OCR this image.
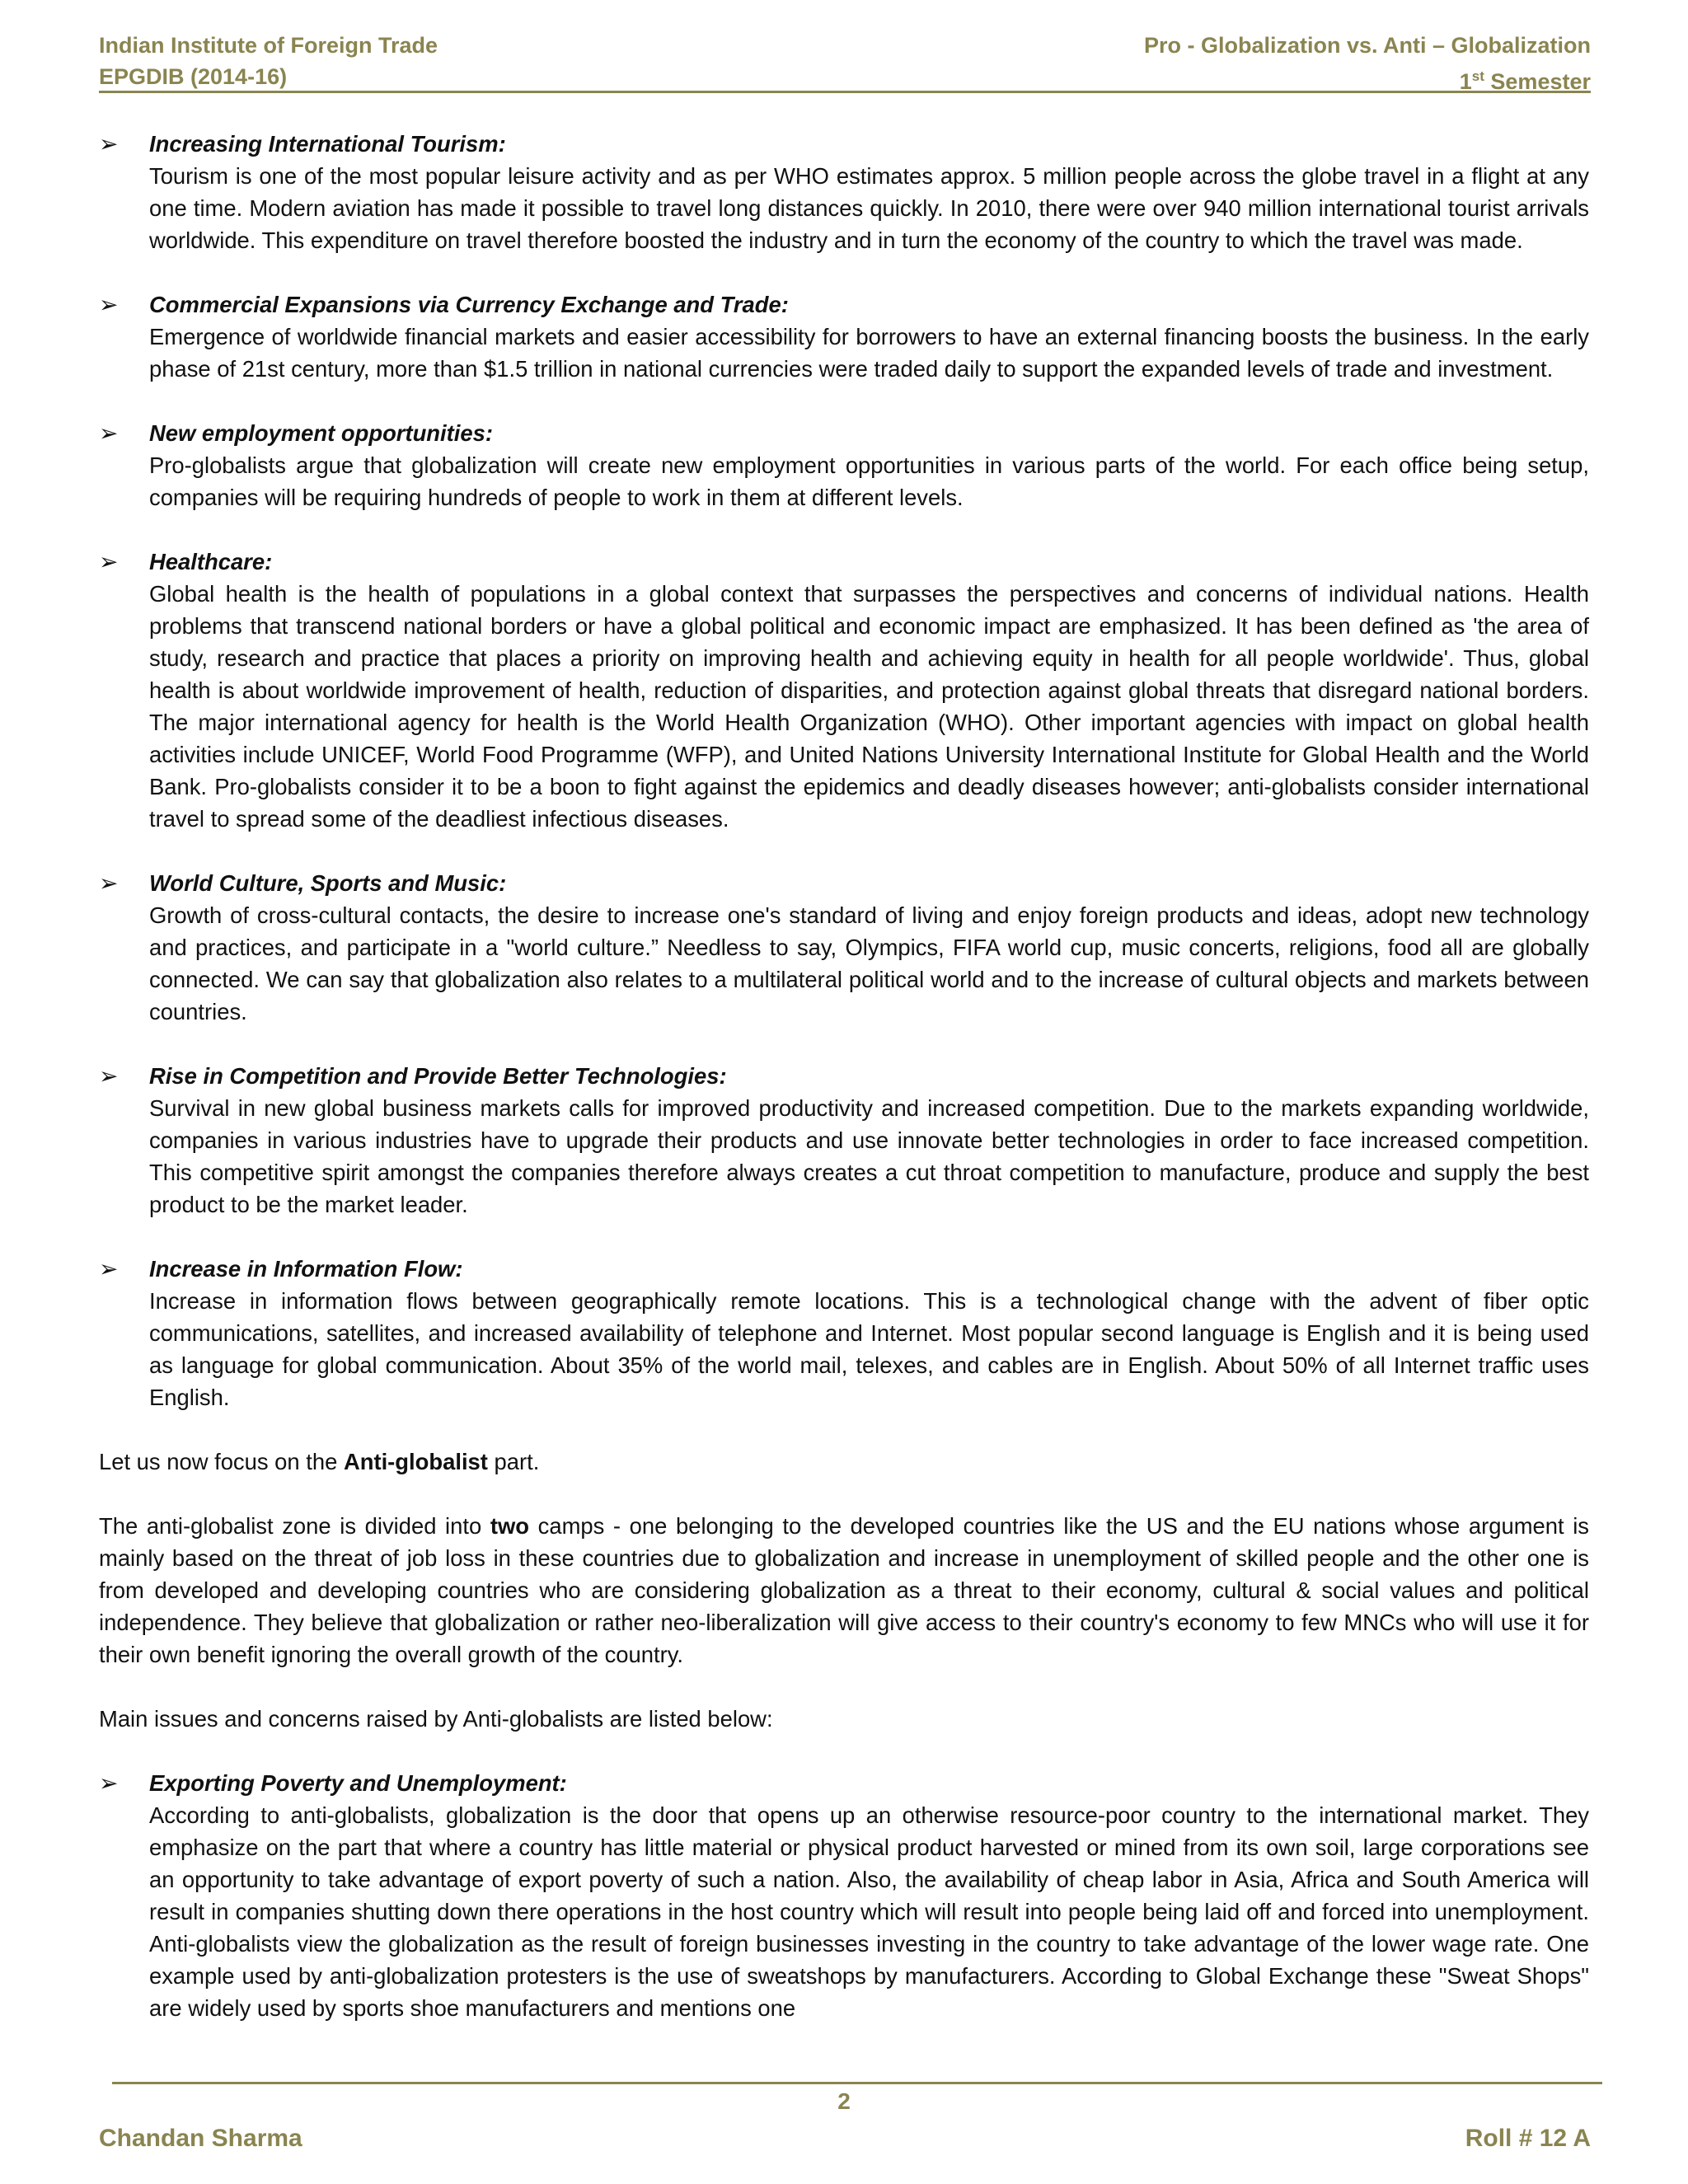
Indian Institute of Foreign Trade	Pro - Globalization vs. Anti – Globalization
EPGDIB (2014-16)	1st Semester
➢	Increasing International Tourism:
Tourism is one of the most popular leisure activity and as per WHO estimates approx. 5 million people across the globe travel in a flight at any one time. Modern aviation has made it possible to travel long distances quickly. In 2010, there were over 940 million international tourist arrivals worldwide. This expenditure on travel therefore boosted the industry and in turn the economy of the country to which the travel was made.
➢	Commercial Expansions via Currency Exchange and Trade:
Emergence of worldwide financial markets and easier accessibility for borrowers to have an external financing boosts the business. In the early phase of 21st century, more than $1.5 trillion in national currencies were traded daily to support the expanded levels of trade and investment.
➢	New employment opportunities:
Pro-globalists argue that globalization will create new employment opportunities in various parts of the world. For each office being setup, companies will be requiring hundreds of people to work in them at different levels.
➢	Healthcare:
Global health is the health of populations in a global context that surpasses the perspectives and concerns of individual nations. Health problems that transcend national borders or have a global political and economic impact are emphasized. It has been defined as 'the area of study, research and practice that places a priority on improving health and achieving equity in health for all people worldwide'. Thus, global health is about worldwide improvement of health, reduction of disparities, and protection against global threats that disregard national borders. The major international agency for health is the World Health Organization (WHO). Other important agencies with impact on global health activities include UNICEF, World Food Programme (WFP), and United Nations University International Institute for Global Health and the World Bank. Pro-globalists consider it to be a boon to fight against the epidemics and deadly diseases however; anti-globalists consider international travel to spread some of the deadliest infectious diseases.
➢	World Culture, Sports and Music:
Growth of cross-cultural contacts, the desire to increase one's standard of living and enjoy foreign products and ideas, adopt new technology and practices, and participate in a "world culture.” Needless to say, Olympics, FIFA world cup, music concerts, religions, food all are globally connected. We can say that globalization also relates to a multilateral political world and to the increase of cultural objects and markets between countries.
➢	Rise in Competition and Provide Better Technologies:
Survival in new global business markets calls for improved productivity and increased competition. Due to the markets expanding worldwide, companies in various industries have to upgrade their products and use innovate better technologies in order to face increased competition. This competitive spirit amongst the companies therefore always creates a cut throat competition to manufacture, produce and supply the best product to be the market leader.
➢	Increase in Information Flow:
Increase in information flows between geographically remote locations. This is a technological change with the advent of fiber optic communications, satellites, and increased availability of telephone and Internet. Most popular second language is English and it is being used as language for global communication. About 35% of the world mail, telexes, and cables are in English. About 50% of all Internet traffic uses English.

Let us now focus on the Anti-globalist part.

The anti-globalist zone is divided into two camps - one belonging to the developed countries like the US and the EU nations whose argument is mainly based on the threat of job loss in these countries due to globalization and increase in unemployment of skilled people and the other one is from developed and developing countries who are considering globalization as a threat to their economy, cultural & social values and political independence. They believe that globalization or rather neo-liberalization will give access to their country's economy to few MNCs who will use it for their own benefit ignoring the overall growth of the country.

Main issues and concerns raised by Anti-globalists are listed below:

➢	Exporting Poverty and Unemployment:
According to anti-globalists, globalization is the door that opens up an otherwise resource-poor country to the international market. They emphasize on the part that where a country has little material or physical product harvested or mined from its own soil, large corporations see an opportunity to take advantage of export poverty of such a nation. Also, the availability of cheap labor in Asia, Africa and South America will result in companies shutting down there operations in the host country which will result into people being laid off and forced into unemployment. Anti-globalists view the globalization as the result of foreign businesses investing in the country to take advantage of the lower wage rate. One example used by anti-globalization protesters is the use of sweatshops by manufacturers. According to Global Exchange these "Sweat Shops" are widely used by sports shoe manufacturers and mentions one
2
Chandan Sharma	Roll # 12 A
